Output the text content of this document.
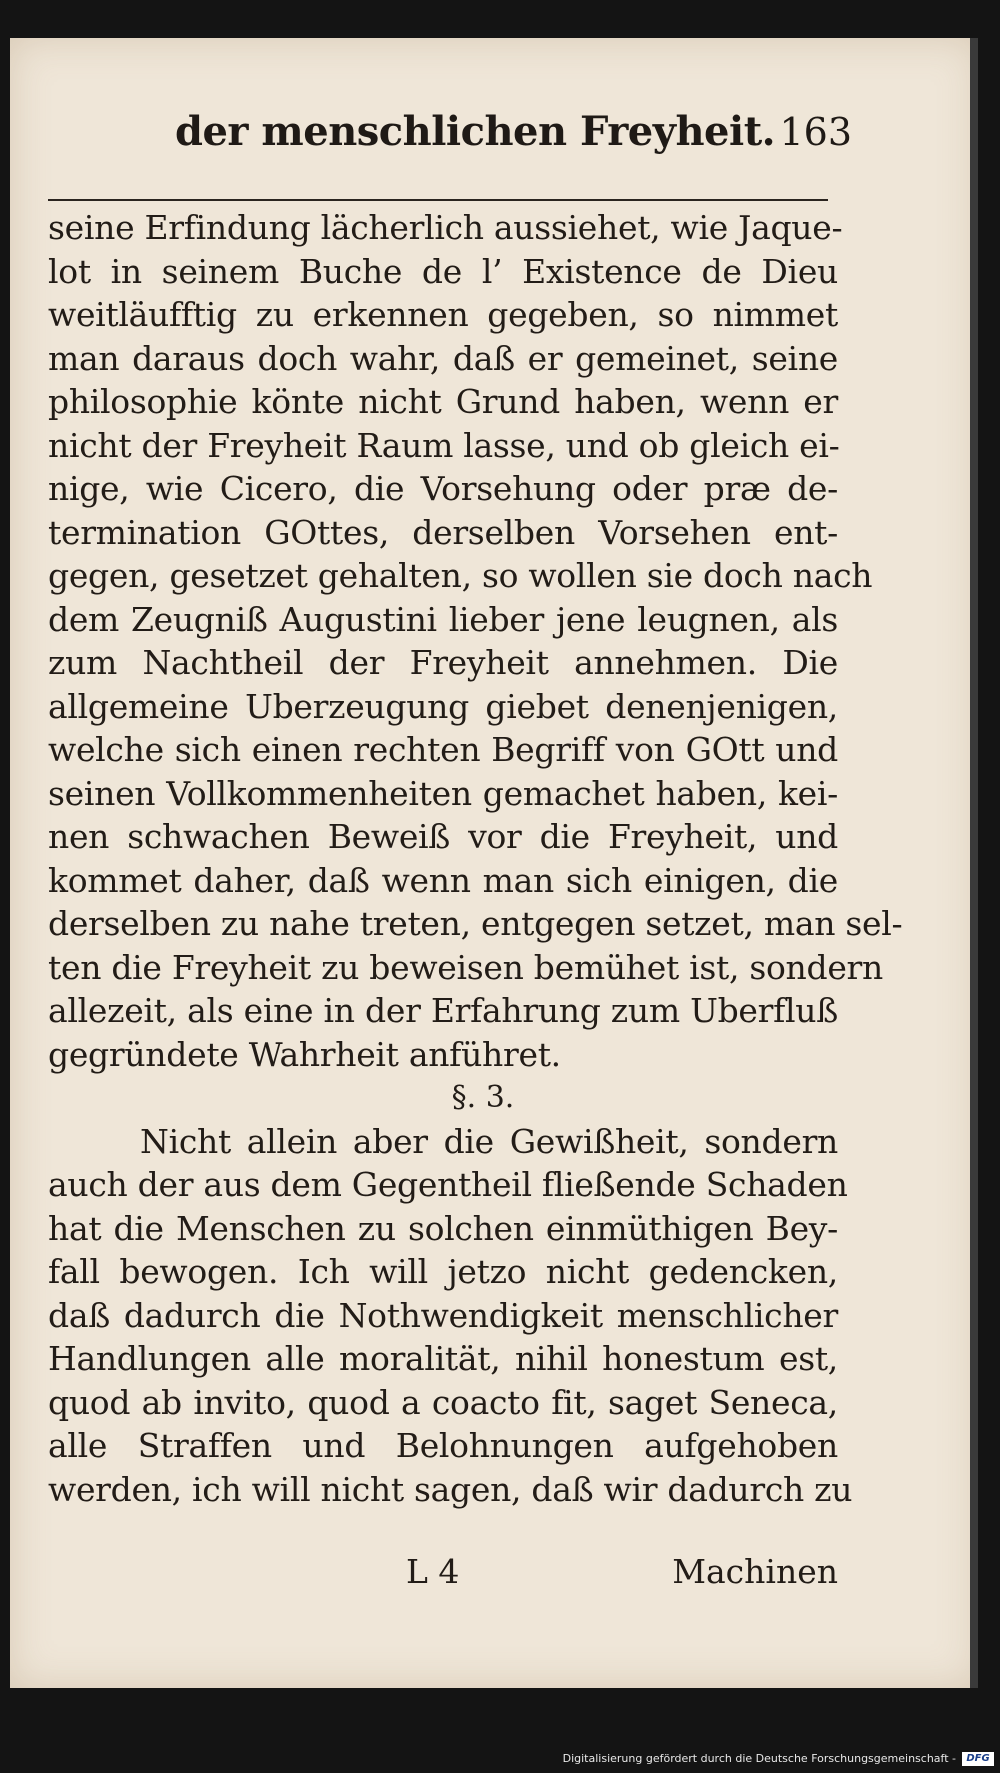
der menschlichen Freyheit. 163
seine Erfindung lächerlich aussiehet, wie Jaque-
lot in seinem Buche de l’ Existence de Dieu
weitläufftig zu erkennen gegeben, so nimmet
man daraus doch wahr, daß er gemeinet, seine
philosophie könte nicht Grund haben, wenn er
nicht der Freyheit Raum lasse, und ob gleich ei-
nige, wie Cicero, die Vorsehung oder præ de-
termination GOttes, derselben Vorsehen ent-
gegen, gesetzet gehalten, so wollen sie doch nach
dem Zeugniß Augustini lieber jene leugnen, als
zum Nachtheil der Freyheit annehmen. Die
allgemeine Uberzeugung giebet denenjenigen,
welche sich einen rechten Begriff von GOtt und
seinen Vollkommenheiten gemachet haben, kei-
nen schwachen Beweiß vor die Freyheit, und
kommet daher, daß wenn man sich einigen, die
derselben zu nahe treten, entgegen setzet, man sel-
ten die Freyheit zu beweisen bemühet ist, sondern
allezeit, als eine in der Erfahrung zum Uberfluß
gegründete Wahrheit anführet.
§. 3.
Nicht allein aber die Gewißheit, sondern
auch der aus dem Gegentheil fließende Schaden
hat die Menschen zu solchen einmüthigen Bey-
fall bewogen. Ich will jetzo nicht gedencken,
daß dadurch die Nothwendigkeit menschlicher
Handlungen alle moralität, nihil honestum est,
quod ab invito, quod a coacto fit, saget Seneca,
alle Straffen und Belohnungen aufgehoben
werden, ich will nicht sagen, daß wir dadurch zu
L 4	Machinen
Digitalisierung gefördert durch die Deutsche Forschungsgemeinschaft -	DFG
